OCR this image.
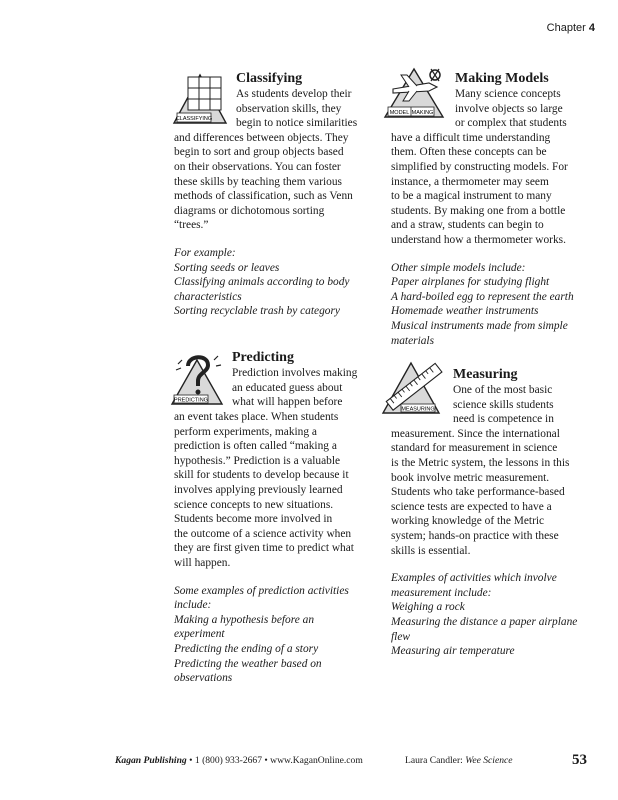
Chapter 4
CLASSIFYING
Classifying

As students develop their

observation skills, they

begin to notice similarities

and differences between objects. They

begin to sort and group objects based

on their observations. You can foster

these skills by teaching them various

methods of classification, such as Venn

diagrams or dichotomous sorting

“trees.”

For example:
Sorting seeds or leaves
Classifying animals according to body
characteristics
Sorting recyclable trash by category
PREDICTING
Predicting

Prediction involves making

an educated guess about

what will happen before

an event takes place. When students

perform experiments, making a

prediction is often called “making a

hypothesis.” Prediction is a valuable

skill for students to develop because it

involves applying previously learned

science concepts to new situations.

Students become more involved in

the outcome of a science activity when

they are first given time to predict what

will happen.

Some examples of prediction activities
include:
Making a hypothesis before an
experiment
Predicting the ending of a story
Predicting the weather based on
observations
MODEL MAKING
Making Models

Many science concepts

involve objects so large

or complex that students

have a difficult time understanding

them. Often these concepts can be

simplified by constructing models. For

instance, a thermometer may seem

to be a magical instrument to many

students. By making one from a bottle

and a straw, students can begin to

understand how a thermometer works.

Other simple models include:
Paper airplanes for studying flight
A hard-boiled egg to represent the earth
Homemade weather instruments
Musical instruments made from simple
materials
MEASURING
Measuring

One of the most basic

science skills students

need is competence in

measurement. Since the international

standard for measurement in science

is the Metric system, the lessons in this

book involve metric measurement.

Students who take performance-based

science tests are expected to have a

working knowledge of the Metric

system; hands-on practice with these

skills is essential.

Examples of activities which involve
measurement include:
Weighing a rock
Measuring the distance a paper airplane
flew
Measuring air temperature
Kagan Publishing • 1 (800) 933-2667 • www.KaganOnline.com	Laura Candler: Wee Science	53
